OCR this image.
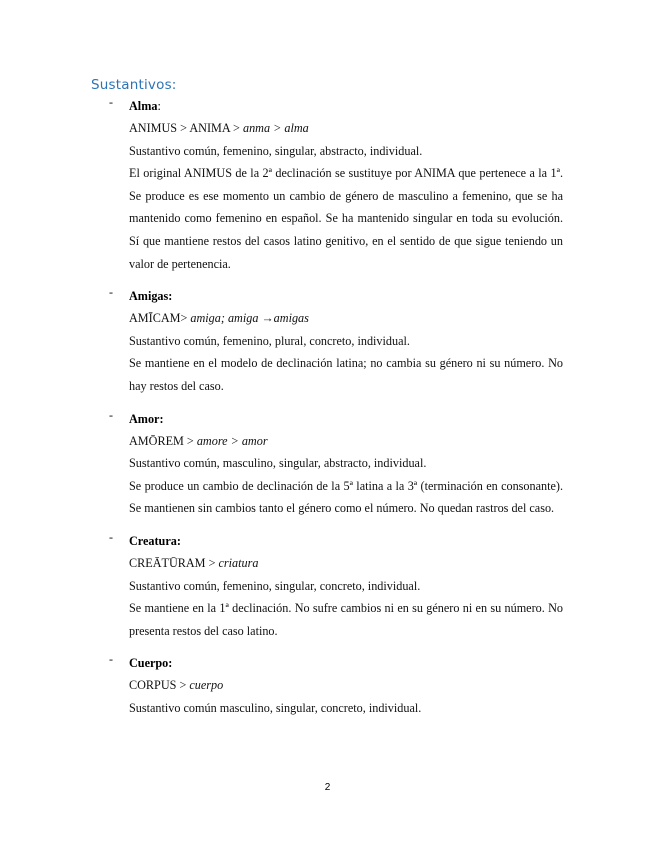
Sustantivos:
- Alma:
ANIMUS > ANIMA > anma > alma
Sustantivo común, femenino, singular, abstracto, individual.
El original ANIMUS de la 2ª declinación se sustituye por ANIMA que pertenece a la 1ª. Se produce es ese momento un cambio de género de masculino a femenino, que se ha mantenido como femenino en español. Se ha mantenido singular en toda su evolución. Sí que mantiene restos del casos latino genitivo, en el sentido de que sigue teniendo un valor de pertenencia.
- Amigas:
AMĪCAM> amiga; amiga →amigas
Sustantivo común, femenino, plural, concreto, individual.
Se mantiene en el modelo de declinación latina; no cambia su género ni su número. No hay restos del caso.
- Amor:
AMŌREM > amore > amor
Sustantivo común, masculino, singular, abstracto, individual.
Se produce un cambio de declinación de la 5ª latina a la 3ª (terminación en consonante). Se mantienen sin cambios tanto el género como el número. No quedan rastros del caso.
- Creatura:
CREĀTŪRAM > criatura
Sustantivo común, femenino, singular, concreto, individual.
Se mantiene en la 1ª declinación. No sufre cambios ni en su género ni en su número. No presenta restos del caso latino.
- Cuerpo:
CORPUS > cuerpo
Sustantivo común masculino, singular, concreto, individual.
2
